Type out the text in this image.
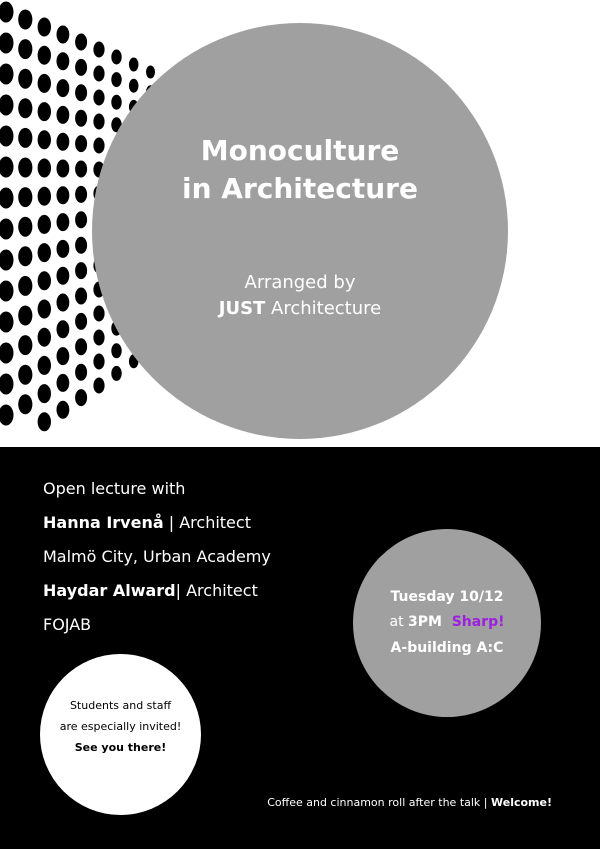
Monoculture
in Architecture
Arranged by
JUST Architecture
Open lecture with
Hanna Irvenå | Architect
Malmö City, Urban Academy
Haydar Alward| Architect
FOJAB
Tuesday 10/12
at 3PM Sharp!
A-building A:C
Students and staff
are especially invited!
See you there!
Coffee and cinnamon roll after the talk | Welcome!
